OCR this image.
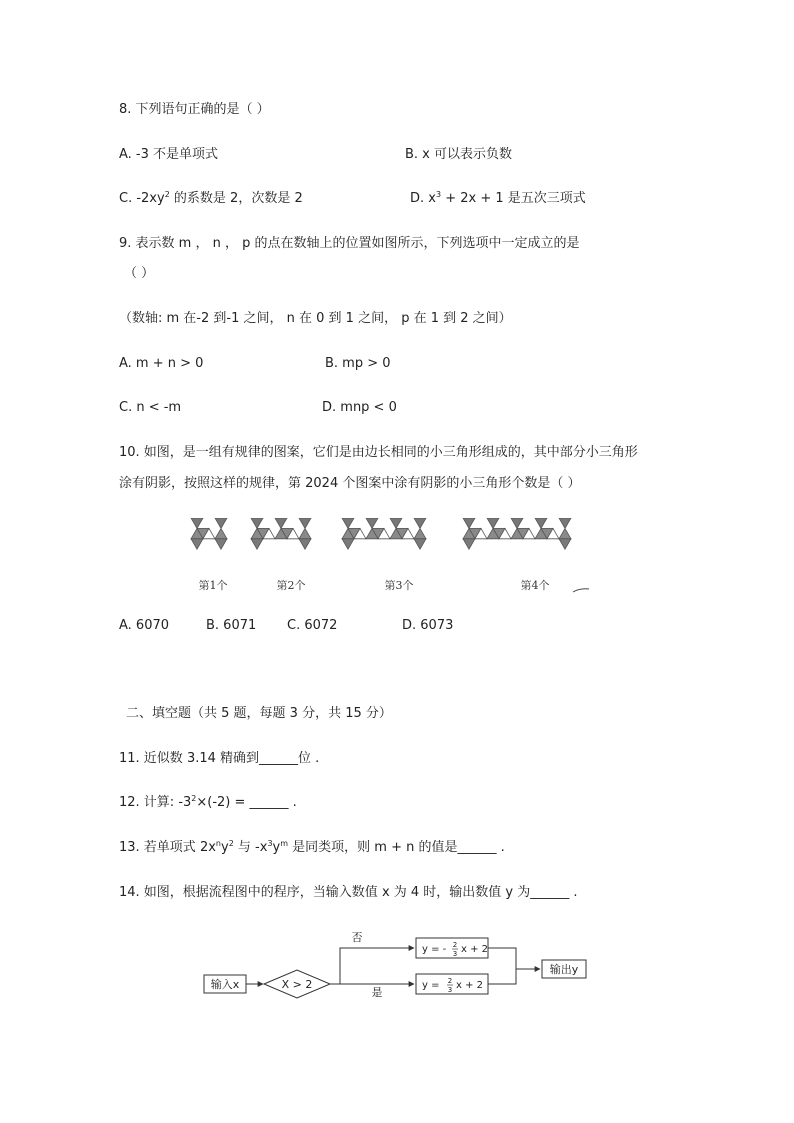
8. 下列语句正确的是（ ）
A. -3 不是单项式	B. x 可以表示负数
C. $-2xy^2$ 的系数是 2，次数是 2	D. $x^3 + 2x + 1$ 是五次三项式
9. 表示数 m ， n ， p 的点在数轴上的位置如图所示，下列选项中一定成立的是
（ ）
（数轴: m 在-2 到-1 之间， n 在 0 到 1 之间， p 在 1 到 2 之间）
A. m + n > 0	B. mp > 0
C. n < -m	D. mnp < 0
10. 如图，是一组有规律的图案，它们是由边长相同的小三角形组成的，其中部分小三角形
涂有阴影，按照这样的规律，第 2024 个图案中涂有阴影的小三角形个数是（ ）
第1个	第2个	第3个	第4个
A. 6070	B. 6071 C. 6072	D. 6073
二、填空题（共 5 题，每题 3 分，共 15 分）
11. 近似数 3.14 精确到______位 .
12. 计算: $-3^2\times(-2)$ = ______ .
13. 若单项式 $2x^ny^2$ 与 $-x^3y^m$ 是同类项，则 m + n 的值是______ .
14. 如图，根据流程图中的程序，当输入数值 x 为 4 时，输出数值 y 为______ .
输入x	X > 2
否
是
y = - 2
3 x + 2
y = 2
3 x + 2
输出y
